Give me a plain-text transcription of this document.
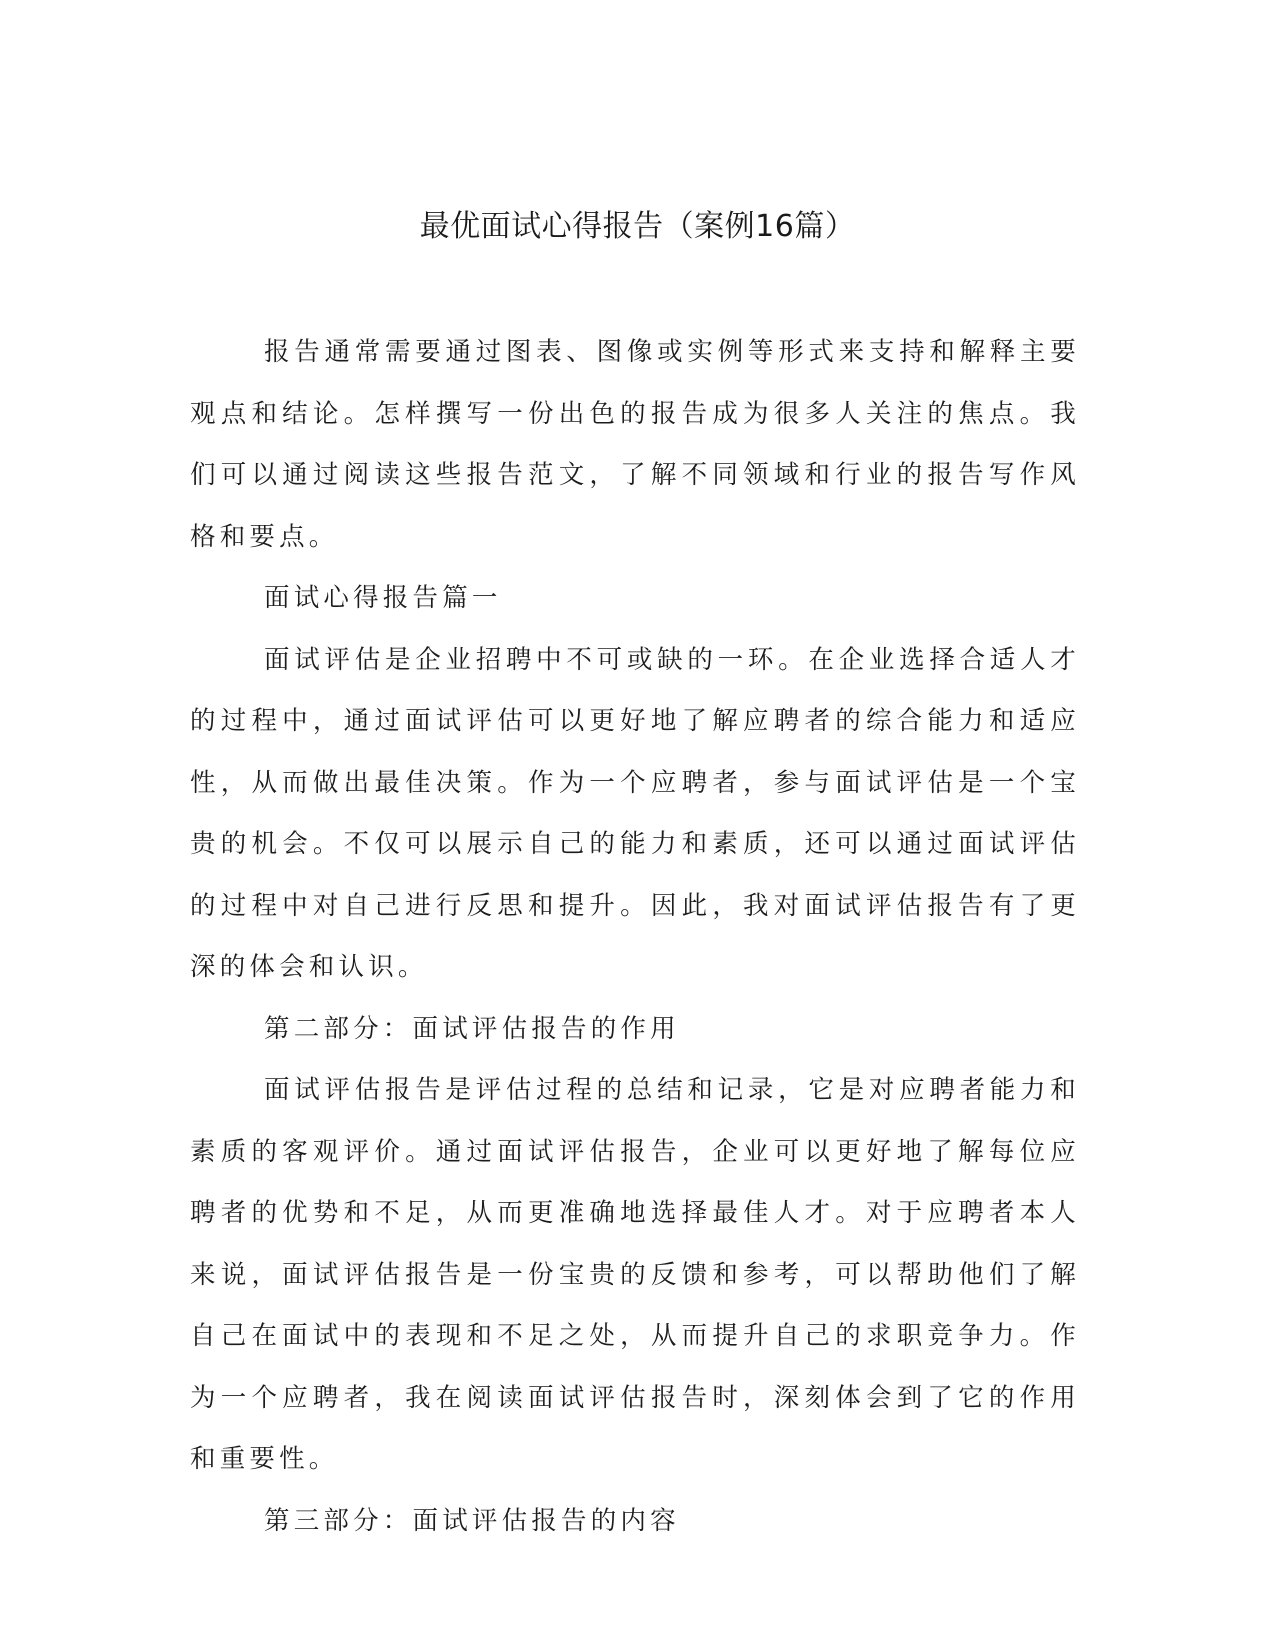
最优面试心得报告（案例16篇）

报告通常需要通过图表、图像或实例等形式来支持和解释主要观点和结论。怎样撰写一份出色的报告成为很多人关注的焦点。我们可以通过阅读这些报告范文，了解不同领域和行业的报告写作风格和要点。

面试心得报告篇一

面试评估是企业招聘中不可或缺的一环。在企业选择合适人才的过程中，通过面试评估可以更好地了解应聘者的综合能力和适应性，从而做出最佳决策。作为一个应聘者，参与面试评估是一个宝贵的机会。不仅可以展示自己的能力和素质，还可以通过面试评估的过程中对自己进行反思和提升。因此，我对面试评估报告有了更深的体会和认识。

第二部分：面试评估报告的作用

面试评估报告是评估过程的总结和记录，它是对应聘者能力和素质的客观评价。通过面试评估报告，企业可以更好地了解每位应聘者的优势和不足，从而更准确地选择最佳人才。对于应聘者本人来说，面试评估报告是一份宝贵的反馈和参考，可以帮助他们了解自己在面试中的表现和不足之处，从而提升自己的求职竞争力。作为一个应聘者，我在阅读面试评估报告时，深刻体会到了它的作用和重要性。

第三部分：面试评估报告的内容
